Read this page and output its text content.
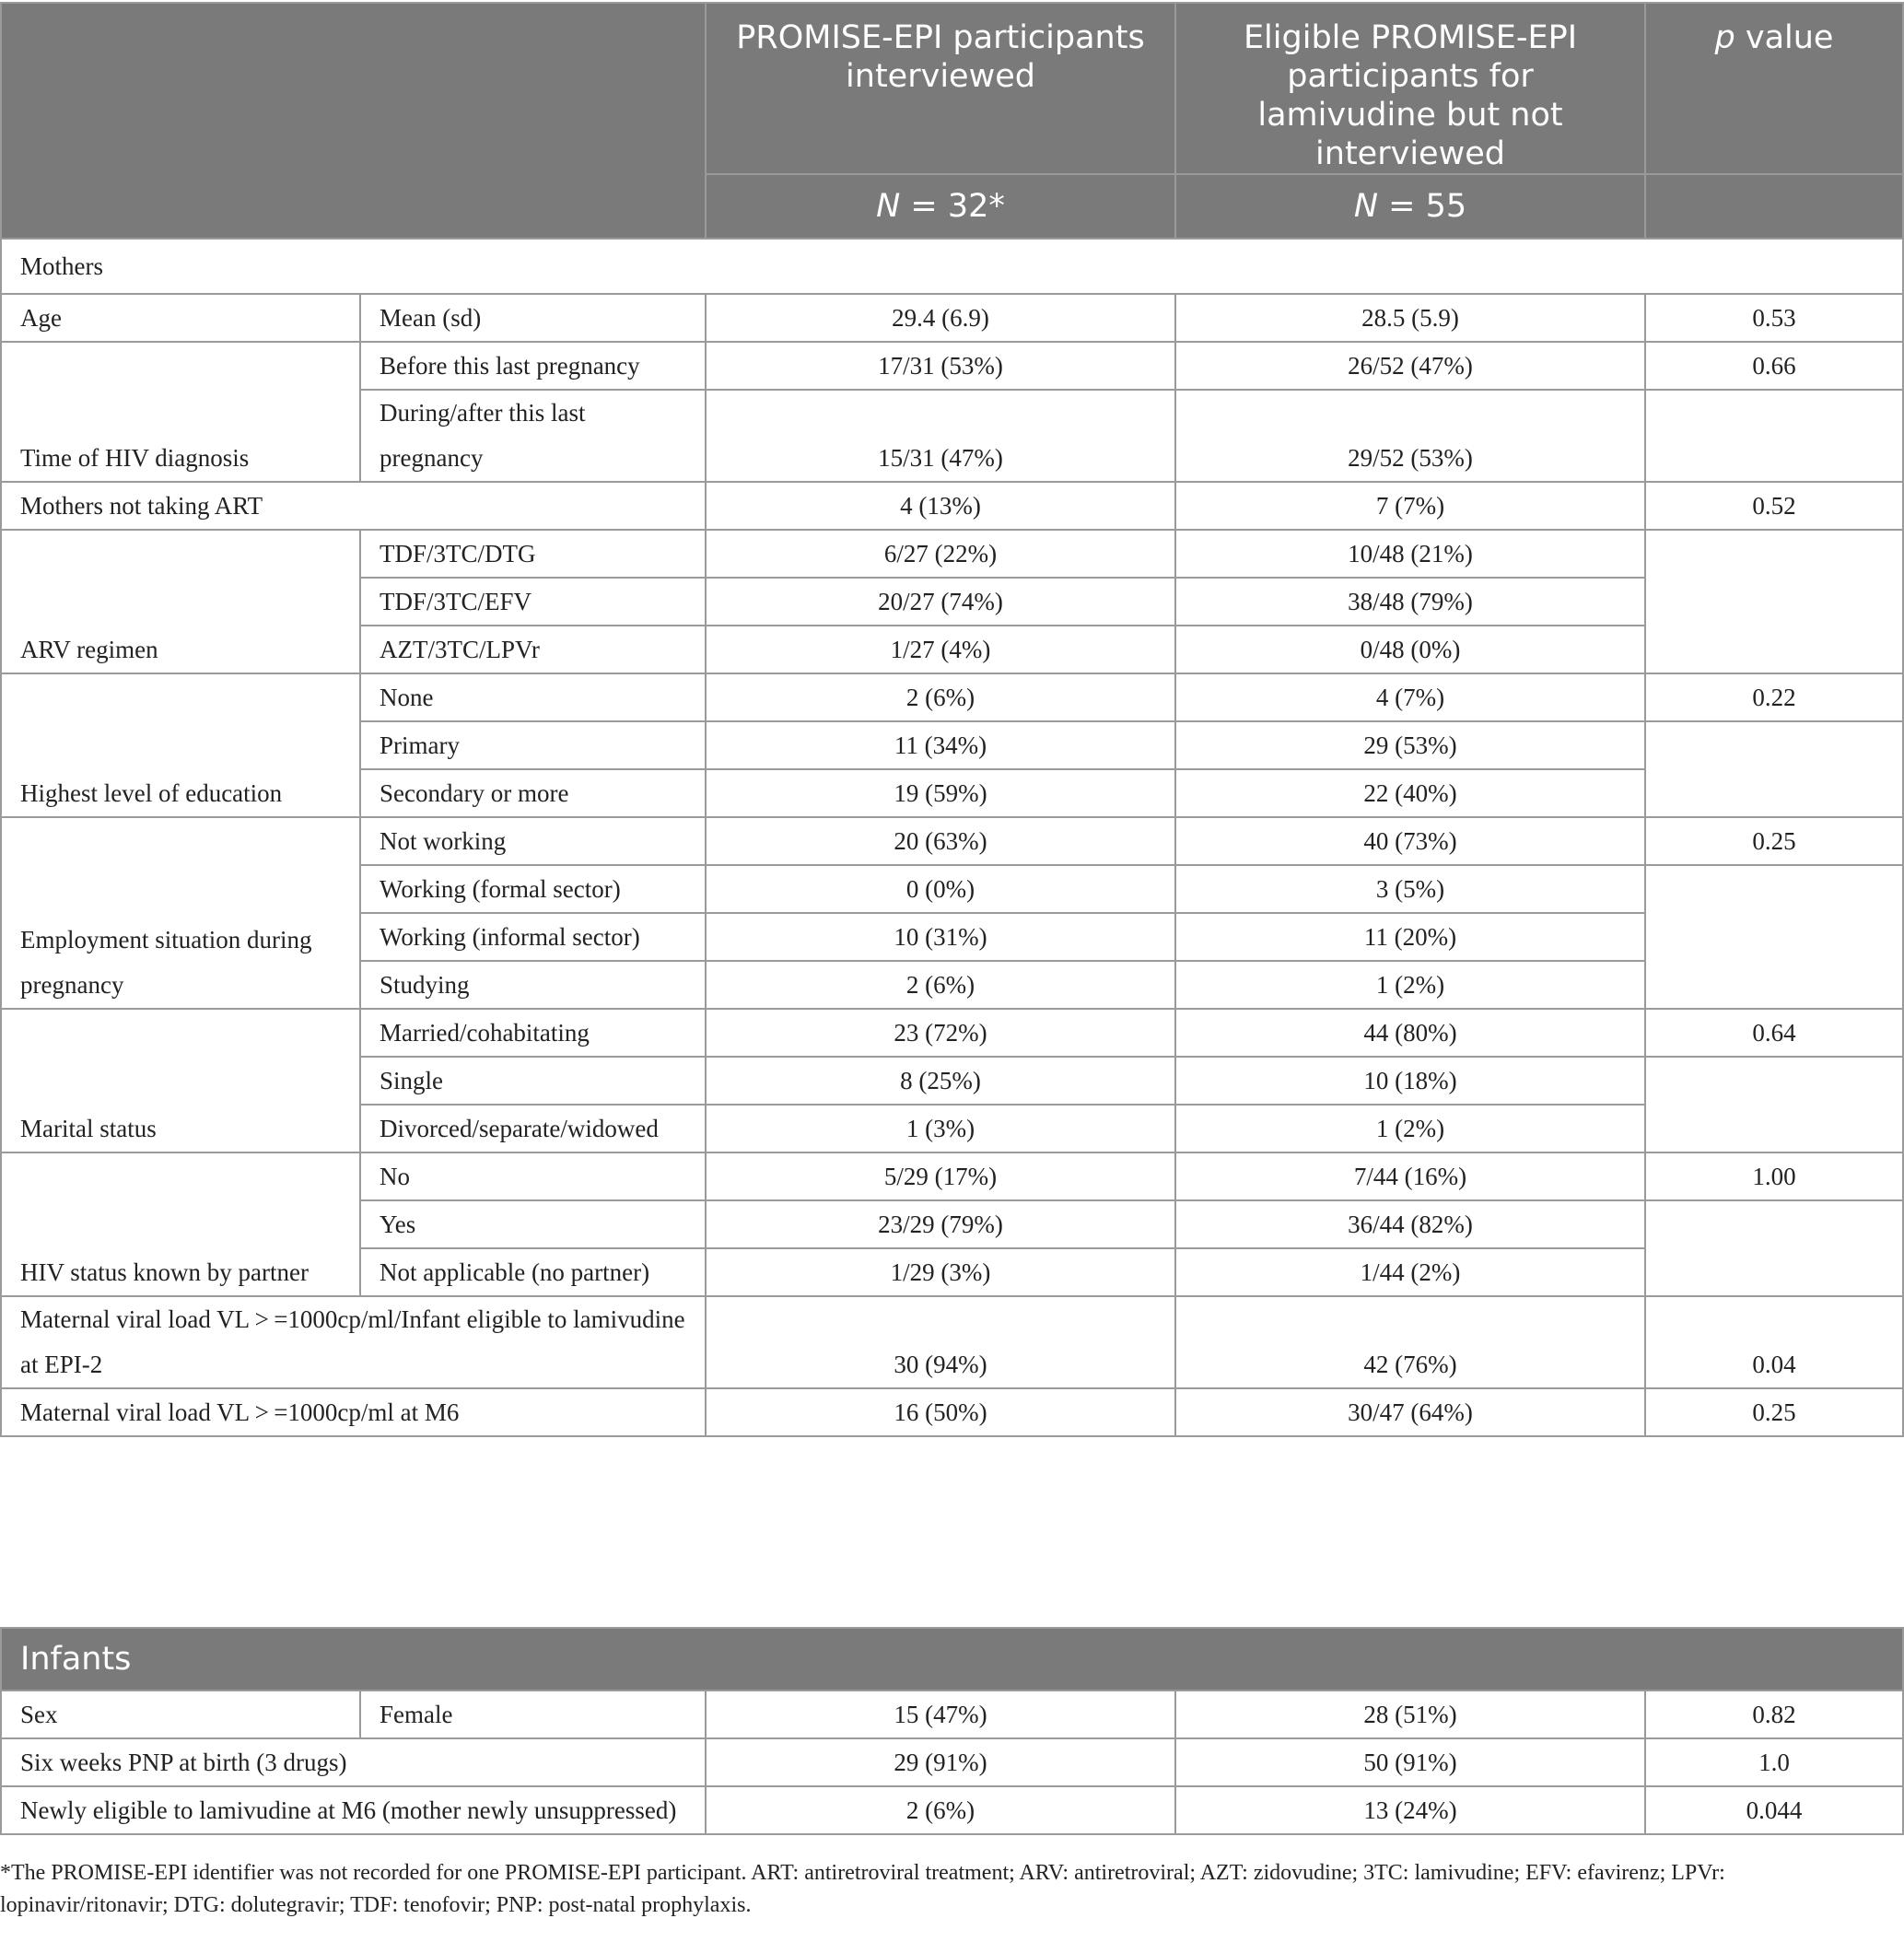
		PROMISE-EPI participants interviewed	Eligible PROMISE-EPI participants for lamivudine but not interviewed	p value
		N = 32*	N = 55	
Mothers				
Age	Mean (sd)	29.4 (6.9)	28.5 (5.9)	0.53
Time of HIV diagnosis	Before this last pregnancy	17/31 (53%)	26/52 (47%)	0.66
	During/after this last pregnancy	15/31 (47%)	29/52 (53%)	
Mothers not taking ART		4 (13%)	7 (7%)	0.52
ARV regimen	TDF/3TC/DTG	6/27 (22%)	10/48 (21%)	
	TDF/3TC/EFV	20/27 (74%)	38/48 (79%)	
	AZT/3TC/LPVr	1/27 (4%)	0/48 (0%)	
Highest level of education	None	2 (6%)	4 (7%)	0.22
	Primary	11 (34%)	29 (53%)	
	Secondary or more	19 (59%)	22 (40%)	
Employment situation during pregnancy	Not working	20 (63%)	40 (73%)	0.25
	Working (formal sector)	0 (0%)	3 (5%)	
	Working (informal sector)	10 (31%)	11 (20%)	
	Studying	2 (6%)	1 (2%)	
Marital status	Married/cohabitating	23 (72%)	44 (80%)	0.64
	Single	8 (25%)	10 (18%)	
	Divorced/separate/widowed	1 (3%)	1 (2%)	
HIV status known by partner	No	5/29 (17%)	7/44 (16%)	1.00
	Yes	23/29 (79%)	36/44 (82%)	
	Not applicable (no partner)	1/29 (3%)	1/44 (2%)	
Maternal viral load VL > =1000cp/ml/Infant eligible to lamivudine at EPI-2		30 (94%)	42 (76%)	0.04
Maternal viral load VL > =1000cp/ml at M6		16 (50%)	30/47 (64%)	0.25
Infants				
Sex	Female	15 (47%)	28 (51%)	0.82
Six weeks PNP at birth (3 drugs)		29 (91%)	50 (91%)	1.0
Newly eligible to lamivudine at M6 (mother newly unsuppressed)		2 (6%)	13 (24%)	0.044
*The PROMISE-EPI identifier was not recorded for one PROMISE-EPI participant. ART: antiretroviral treatment; ARV: antiretroviral; AZT: zidovudine; 3TC: lamivudine; EFV: efavirenz; LPVr: lopinavir/ritonavir; DTG: dolutegravir; TDF: tenofovir; PNP: post-natal prophylaxis.
